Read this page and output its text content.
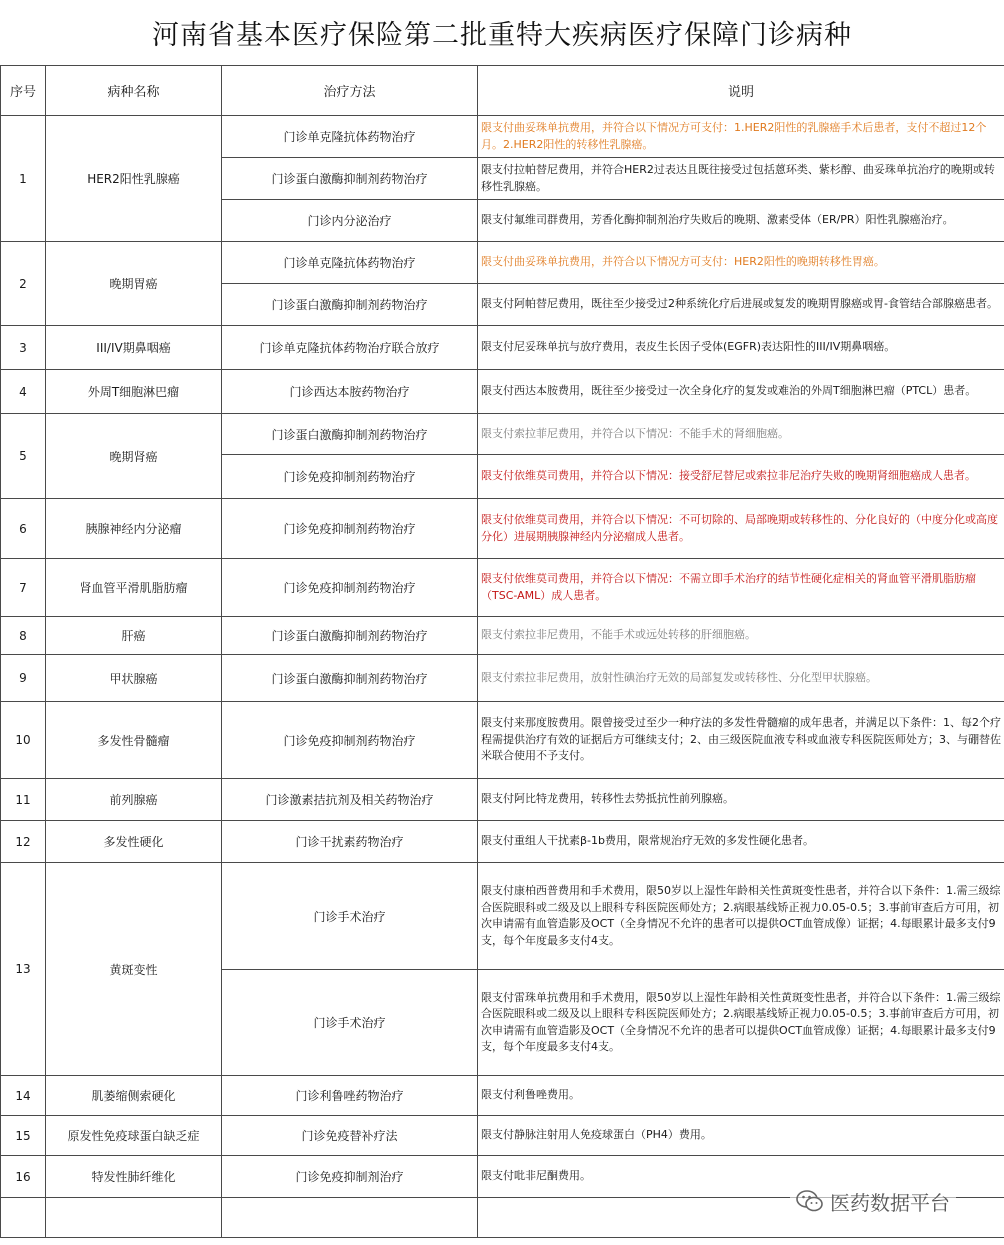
河南省基本医疗保险第二批重特大疾病医疗保障门诊病种
序号	病种名称	治疗方法	说明
1	HER2阳性乳腺癌	门诊单克隆抗体药物治疗	限支付曲妥珠单抗费用，并符合以下情况方可支付：1.HER2阳性的乳腺癌手术后患者，支付不超过12个月。2.HER2阳性的转移性乳腺癌。
		门诊蛋白激酶抑制剂药物治疗	限支付拉帕替尼费用，并符合HER2过表达且既往接受过包括蒽环类、紫杉醇、曲妥珠单抗治疗的晚期或转移性乳腺癌。
		门诊内分泌治疗	限支付氟维司群费用，芳香化酶抑制剂治疗失败后的晚期、激素受体（ER/PR）阳性乳腺癌治疗。
2	晚期胃癌	门诊单克隆抗体药物治疗	限支付曲妥珠单抗费用，并符合以下情况方可支付：HER2阳性的晚期转移性胃癌。
		门诊蛋白激酶抑制剂药物治疗	限支付阿帕替尼费用，既往至少接受过2种系统化疗后进展或复发的晚期胃腺癌或胃-食管结合部腺癌患者。
3	III/IV期鼻咽癌	门诊单克隆抗体药物治疗联合放疗	限支付尼妥珠单抗与放疗费用，表皮生长因子受体(EGFR)表达阳性的III/IV期鼻咽癌。
4	外周T细胞淋巴瘤	门诊西达本胺药物治疗	限支付西达本胺费用，既往至少接受过一次全身化疗的复发或难治的外周T细胞淋巴瘤（PTCL）患者。
5	晚期肾癌	门诊蛋白激酶抑制剂药物治疗	限支付索拉菲尼费用，并符合以下情况：不能手术的肾细胞癌。
		门诊免疫抑制剂药物治疗	限支付依维莫司费用，并符合以下情况：接受舒尼替尼或索拉非尼治疗失败的晚期肾细胞癌成人患者。
6	胰腺神经内分泌瘤	门诊免疫抑制剂药物治疗	限支付依维莫司费用，并符合以下情况：不可切除的、局部晚期或转移性的、分化良好的（中度分化或高度分化）进展期胰腺神经内分泌瘤成人患者。
7	肾血管平滑肌脂肪瘤	门诊免疫抑制剂药物治疗	限支付依维莫司费用，并符合以下情况：不需立即手术治疗的结节性硬化症相关的肾血管平滑肌脂肪瘤（TSC-AML）成人患者。
8	肝癌	门诊蛋白激酶抑制剂药物治疗	限支付索拉非尼费用，不能手术或远处转移的肝细胞癌。
9	甲状腺癌	门诊蛋白激酶抑制剂药物治疗	限支付索拉非尼费用，放射性碘治疗无效的局部复发或转移性、分化型甲状腺癌。
10	多发性骨髓瘤	门诊免疫抑制剂药物治疗	限支付来那度胺费用。限曾接受过至少一种疗法的多发性骨髓瘤的成年患者，并满足以下条件：1、每2个疗程需提供治疗有效的证据后方可继续支付；2、由三级医院血液专科或血液专科医院医师处方；3、与硼替佐米联合使用不予支付。
11	前列腺癌	门诊激素拮抗剂及相关药物治疗	限支付阿比特龙费用，转移性去势抵抗性前列腺癌。
12	多发性硬化	门诊干扰素药物治疗	限支付重组人干扰素β-1b费用，限常规治疗无效的多发性硬化患者。
13	黄斑变性	门诊手术治疗	限支付康柏西普费用和手术费用，限50岁以上湿性年龄相关性黄斑变性患者，并符合以下条件：1.需三级综合医院眼科或二级及以上眼科专科医院医师处方；2.病眼基线矫正视力0.05-0.5；3.事前审查后方可用，初次申请需有血管造影及OCT（全身情况不允许的患者可以提供OCT血管成像）证据；4.每眼累计最多支付9支，每个年度最多支付4支。
		门诊手术治疗	限支付雷珠单抗费用和手术费用，限50岁以上湿性年龄相关性黄斑变性患者，并符合以下条件：1.需三级综合医院眼科或二级及以上眼科专科医院医师处方；2.病眼基线矫正视力0.05-0.5；3.事前审查后方可用，初次申请需有血管造影及OCT（全身情况不允许的患者可以提供OCT血管成像）证据；4.每眼累计最多支付9支，每个年度最多支付4支。
14	肌萎缩侧索硬化	门诊利鲁唑药物治疗	限支付利鲁唑费用。
15	原发性免疫球蛋白缺乏症	门诊免疫替补疗法	限支付静脉注射用人免疫球蛋白（PH4）费用。
16	特发性肺纤维化	门诊免疫抑制剂治疗	限支付吡非尼酮费用。

医药数据平台
